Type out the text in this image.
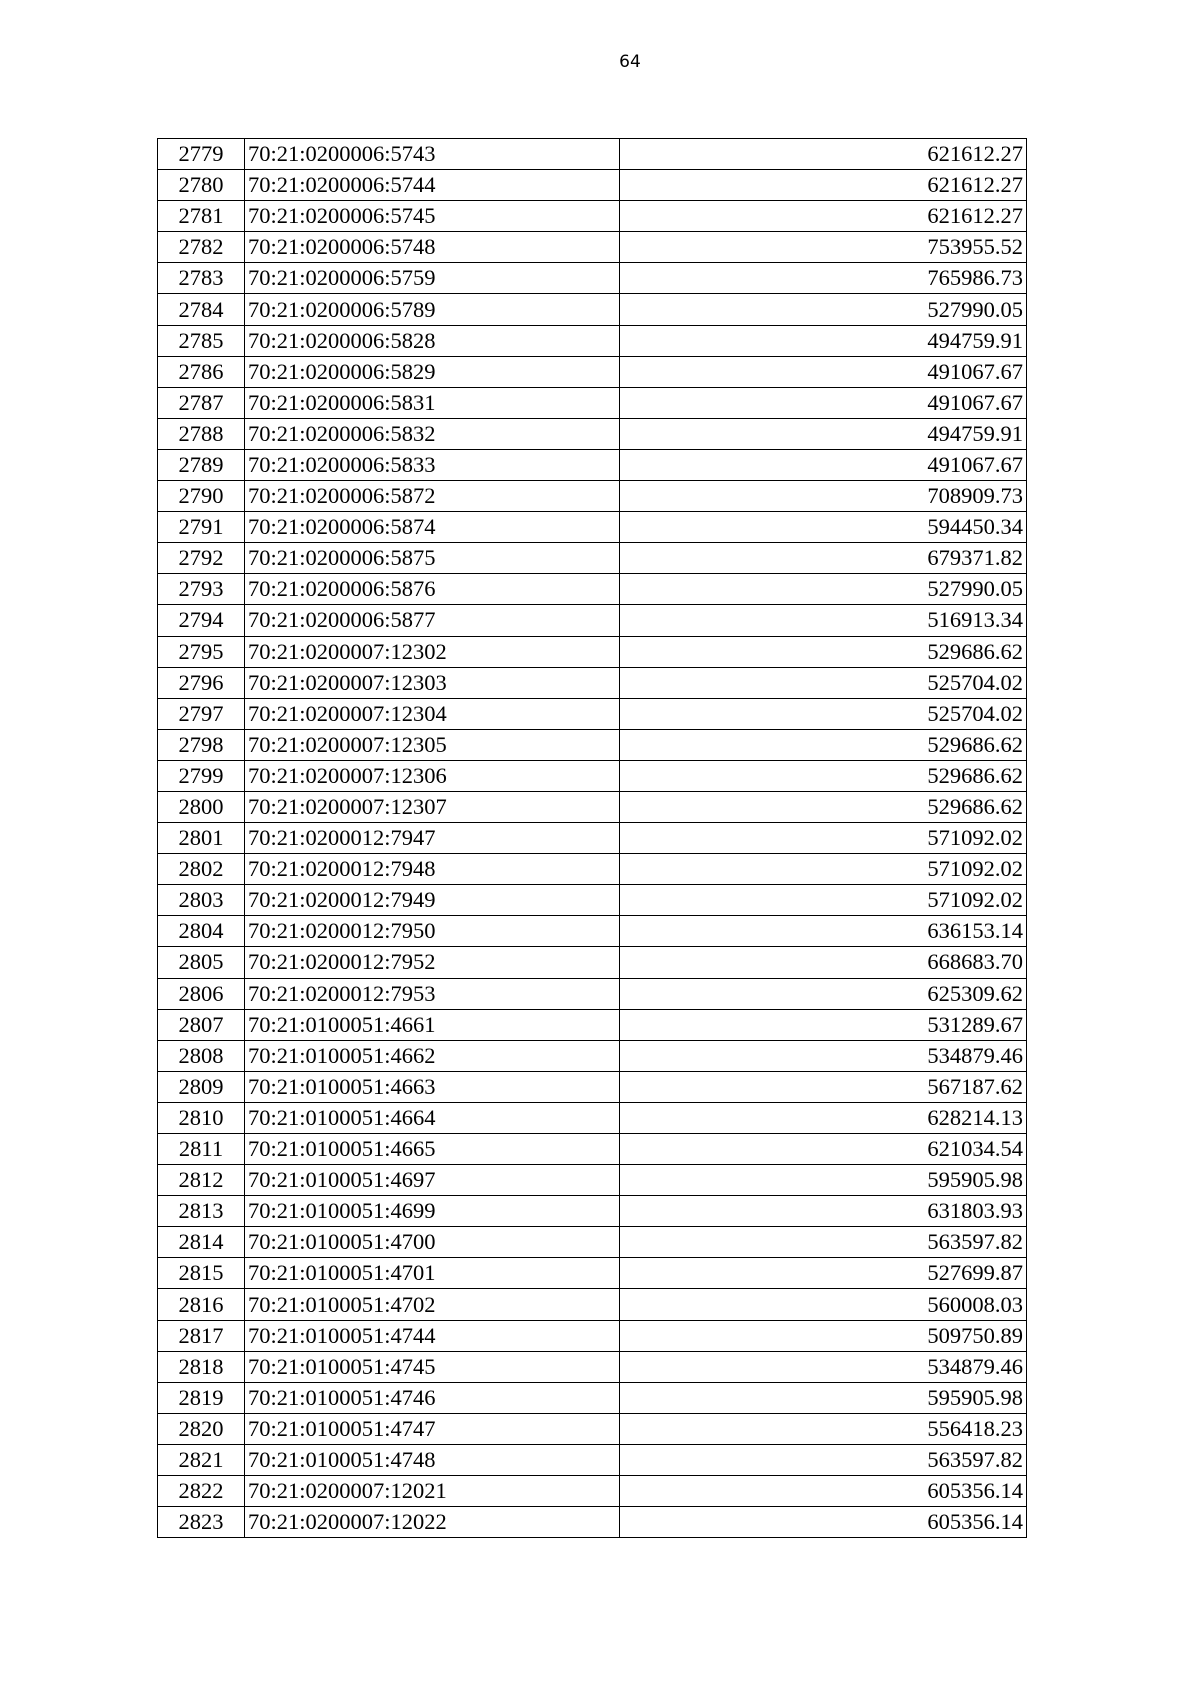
64
2779	70:21:0200006:5743	621612.27
2780	70:21:0200006:5744	621612.27
2781	70:21:0200006:5745	621612.27
2782	70:21:0200006:5748	753955.52
2783	70:21:0200006:5759	765986.73
2784	70:21:0200006:5789	527990.05
2785	70:21:0200006:5828	494759.91
2786	70:21:0200006:5829	491067.67
2787	70:21:0200006:5831	491067.67
2788	70:21:0200006:5832	494759.91
2789	70:21:0200006:5833	491067.67
2790	70:21:0200006:5872	708909.73
2791	70:21:0200006:5874	594450.34
2792	70:21:0200006:5875	679371.82
2793	70:21:0200006:5876	527990.05
2794	70:21:0200006:5877	516913.34
2795	70:21:0200007:12302	529686.62
2796	70:21:0200007:12303	525704.02
2797	70:21:0200007:12304	525704.02
2798	70:21:0200007:12305	529686.62
2799	70:21:0200007:12306	529686.62
2800	70:21:0200007:12307	529686.62
2801	70:21:0200012:7947	571092.02
2802	70:21:0200012:7948	571092.02
2803	70:21:0200012:7949	571092.02
2804	70:21:0200012:7950	636153.14
2805	70:21:0200012:7952	668683.70
2806	70:21:0200012:7953	625309.62
2807	70:21:0100051:4661	531289.67
2808	70:21:0100051:4662	534879.46
2809	70:21:0100051:4663	567187.62
2810	70:21:0100051:4664	628214.13
2811	70:21:0100051:4665	621034.54
2812	70:21:0100051:4697	595905.98
2813	70:21:0100051:4699	631803.93
2814	70:21:0100051:4700	563597.82
2815	70:21:0100051:4701	527699.87
2816	70:21:0100051:4702	560008.03
2817	70:21:0100051:4744	509750.89
2818	70:21:0100051:4745	534879.46
2819	70:21:0100051:4746	595905.98
2820	70:21:0100051:4747	556418.23
2821	70:21:0100051:4748	563597.82
2822	70:21:0200007:12021	605356.14
2823	70:21:0200007:12022	605356.14
